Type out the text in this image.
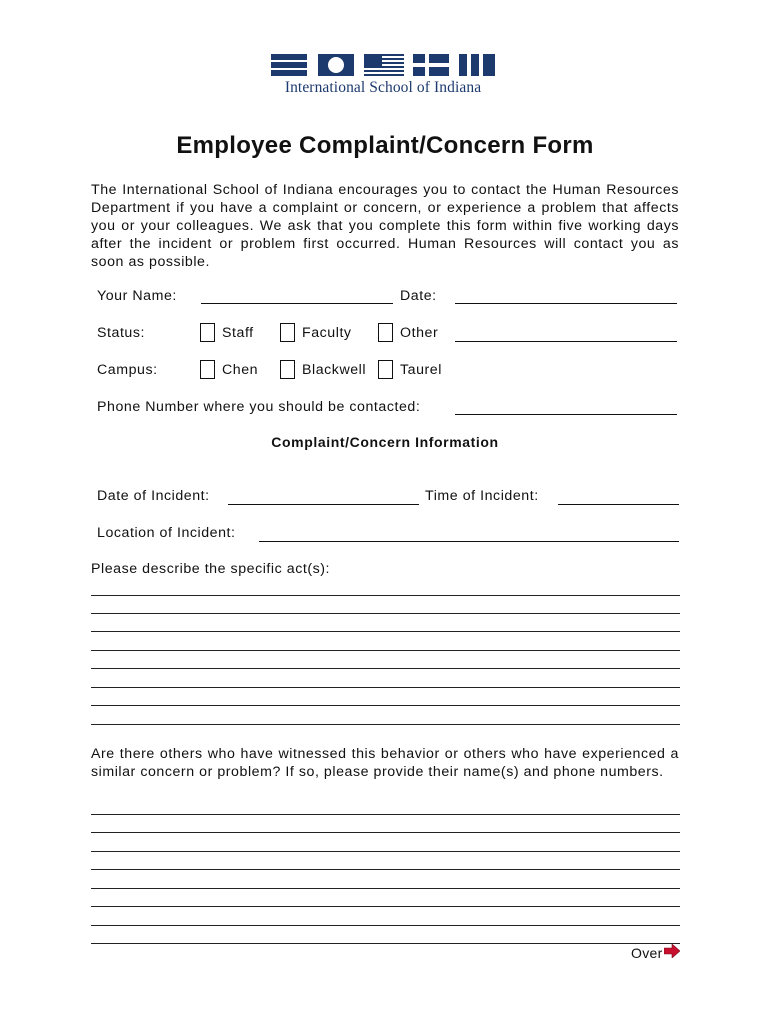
International School of Indiana
Employee Complaint/Concern Form
The International School of Indiana encourages you to contact the Human Resources Department if you have a complaint or concern, or experience a problem that affects you or your colleagues. We ask that you complete this form within five working days after the incident or problem first occurred. Human Resources will contact you as soon as possible.
Your Name:	Date:
Status:	Staff	Faculty	Other
Campus:	Chen	Blackwell Taurel
Phone Number where you should be contacted:
Complaint/Concern Information
Date of Incident:	Time of Incident:
Location of Incident:
Please describe the specific act(s):
Are there others who have witnessed this behavior or others who have experienced a similar concern or problem? If so, please provide their name(s) and phone numbers.
Over
